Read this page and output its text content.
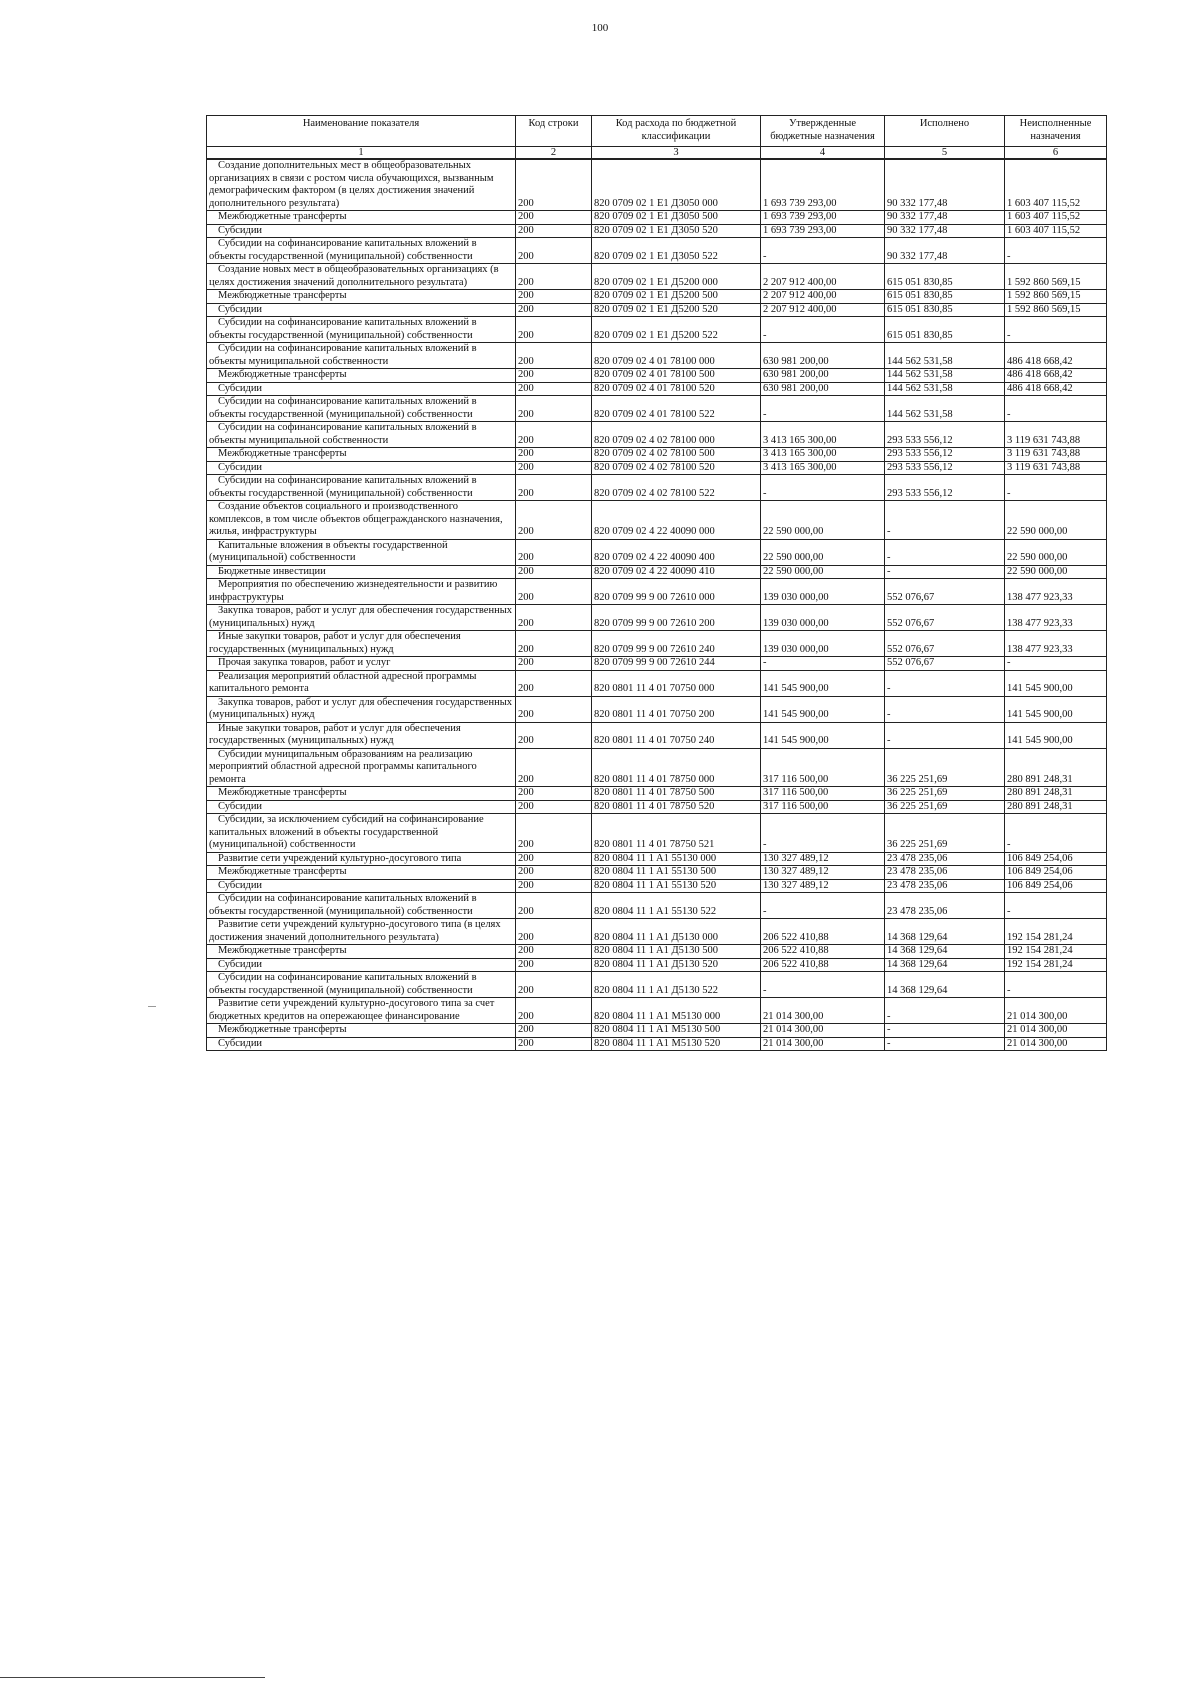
100
Наименование показателя	Код строки	Код расхода по бюджетной классификации	Утвержденные бюджетные назначения	Исполнено	Неисполненные назначения
1	2	3	4	5	6
Создание дополнительных мест в общеобразовательных организациях в связи с ростом числа обучающихся, вызванным демографическим фактором (в целях достижения значений дополнительного результата)	200	820 0709 02 1 E1 Д3050 000	1 693 739 293,00	90 332 177,48	1 603 407 115,52
Межбюджетные трансферты	200	820 0709 02 1 E1 Д3050 500	1 693 739 293,00	90 332 177,48	1 603 407 115,52
Субсидии	200	820 0709 02 1 E1 Д3050 520	1 693 739 293,00	90 332 177,48	1 603 407 115,52
Субсидии на софинансирование капитальных вложений в объекты государственной (муниципальной) собственности	200	820 0709 02 1 E1 Д3050 522	-	90 332 177,48	-
Создание новых мест в общеобразовательных организациях (в целях достижения значений дополнительного результата)	200	820 0709 02 1 E1 Д5200 000	2 207 912 400,00	615 051 830,85	1 592 860 569,15
Межбюджетные трансферты	200	820 0709 02 1 E1 Д5200 500	2 207 912 400,00	615 051 830,85	1 592 860 569,15
Субсидии	200	820 0709 02 1 E1 Д5200 520	2 207 912 400,00	615 051 830,85	1 592 860 569,15
Субсидии на софинансирование капитальных вложений в объекты государственной (муниципальной) собственности	200	820 0709 02 1 E1 Д5200 522	-	615 051 830,85	-
Субсидии на софинансирование капитальных вложений в объекты муниципальной собственности	200	820 0709 02 4 01 78100 000	630 981 200,00	144 562 531,58	486 418 668,42
Межбюджетные трансферты	200	820 0709 02 4 01 78100 500	630 981 200,00	144 562 531,58	486 418 668,42
Субсидии	200	820 0709 02 4 01 78100 520	630 981 200,00	144 562 531,58	486 418 668,42
Субсидии на софинансирование капитальных вложений в объекты государственной (муниципальной) собственности	200	820 0709 02 4 01 78100 522	-	144 562 531,58	-
Субсидии на софинансирование капитальных вложений в объекты муниципальной собственности	200	820 0709 02 4 02 78100 000	3 413 165 300,00	293 533 556,12	3 119 631 743,88
Межбюджетные трансферты	200	820 0709 02 4 02 78100 500	3 413 165 300,00	293 533 556,12	3 119 631 743,88
Субсидии	200	820 0709 02 4 02 78100 520	3 413 165 300,00	293 533 556,12	3 119 631 743,88
Субсидии на софинансирование капитальных вложений в объекты государственной (муниципальной) собственности	200	820 0709 02 4 02 78100 522	-	293 533 556,12	-
Создание объектов социального и производственного комплексов, в том числе объектов общегражданского назначения, жилья, инфраструктуры	200	820 0709 02 4 22 40090 000	22 590 000,00	-	22 590 000,00
Капитальные вложения в объекты государственной (муниципальной) собственности	200	820 0709 02 4 22 40090 400	22 590 000,00	-	22 590 000,00
Бюджетные инвестиции	200	820 0709 02 4 22 40090 410	22 590 000,00	-	22 590 000,00
Мероприятия по обеспечению жизнедеятельности и развитию инфраструктуры	200	820 0709 99 9 00 72610 000	139 030 000,00	552 076,67	138 477 923,33
Закупка товаров, работ и услуг для обеспечения государственных (муниципальных) нужд	200	820 0709 99 9 00 72610 200	139 030 000,00	552 076,67	138 477 923,33
Иные закупки товаров, работ и услуг для обеспечения государственных (муниципальных) нужд	200	820 0709 99 9 00 72610 240	139 030 000,00	552 076,67	138 477 923,33
Прочая закупка товаров, работ и услуг	200	820 0709 99 9 00 72610 244	-	552 076,67	-
Реализация мероприятий областной адресной программы капитального ремонта	200	820 0801 11 4 01 70750 000	141 545 900,00	-	141 545 900,00
Закупка товаров, работ и услуг для обеспечения государственных (муниципальных) нужд	200	820 0801 11 4 01 70750 200	141 545 900,00	-	141 545 900,00
Иные закупки товаров, работ и услуг для обеспечения государственных (муниципальных) нужд	200	820 0801 11 4 01 70750 240	141 545 900,00	-	141 545 900,00
Субсидии муниципальным образованиям на реализацию мероприятий областной адресной программы капитального ремонта	200	820 0801 11 4 01 78750 000	317 116 500,00	36 225 251,69	280 891 248,31
Межбюджетные трансферты	200	820 0801 11 4 01 78750 500	317 116 500,00	36 225 251,69	280 891 248,31
Субсидии	200	820 0801 11 4 01 78750 520	317 116 500,00	36 225 251,69	280 891 248,31
Субсидии, за исключением субсидий на софинансирование капитальных вложений в объекты государственной (муниципальной) собственности	200	820 0801 11 4 01 78750 521	-	36 225 251,69	-
Развитие сети учреждений культурно-досугового типа	200	820 0804 11 1 A1 55130 000	130 327 489,12	23 478 235,06	106 849 254,06
Межбюджетные трансферты	200	820 0804 11 1 A1 55130 500	130 327 489,12	23 478 235,06	106 849 254,06
Субсидии	200	820 0804 11 1 A1 55130 520	130 327 489,12	23 478 235,06	106 849 254,06
Субсидии на софинансирование капитальных вложений в объекты государственной (муниципальной) собственности	200	820 0804 11 1 A1 55130 522	-	23 478 235,06	-
Развитие сети учреждений культурно-досугового типа (в целях достижения значений дополнительного результата)	200	820 0804 11 1 A1 Д5130 000	206 522 410,88	14 368 129,64	192 154 281,24
Межбюджетные трансферты	200	820 0804 11 1 A1 Д5130 500	206 522 410,88	14 368 129,64	192 154 281,24
Субсидии	200	820 0804 11 1 A1 Д5130 520	206 522 410,88	14 368 129,64	192 154 281,24
Субсидии на софинансирование капитальных вложений в объекты государственной (муниципальной) собственности	200	820 0804 11 1 A1 Д5130 522	-	14 368 129,64	-
Развитие сети учреждений культурно-досугового типа за счет бюджетных кредитов на опережающее финансирование	200	820 0804 11 1 A1 M5130 000	21 014 300,00	-	21 014 300,00
Межбюджетные трансферты	200	820 0804 11 1 A1 M5130 500	21 014 300,00	-	21 014 300,00
Субсидии	200	820 0804 11 1 A1 M5130 520	21 014 300,00	-	21 014 300,00
